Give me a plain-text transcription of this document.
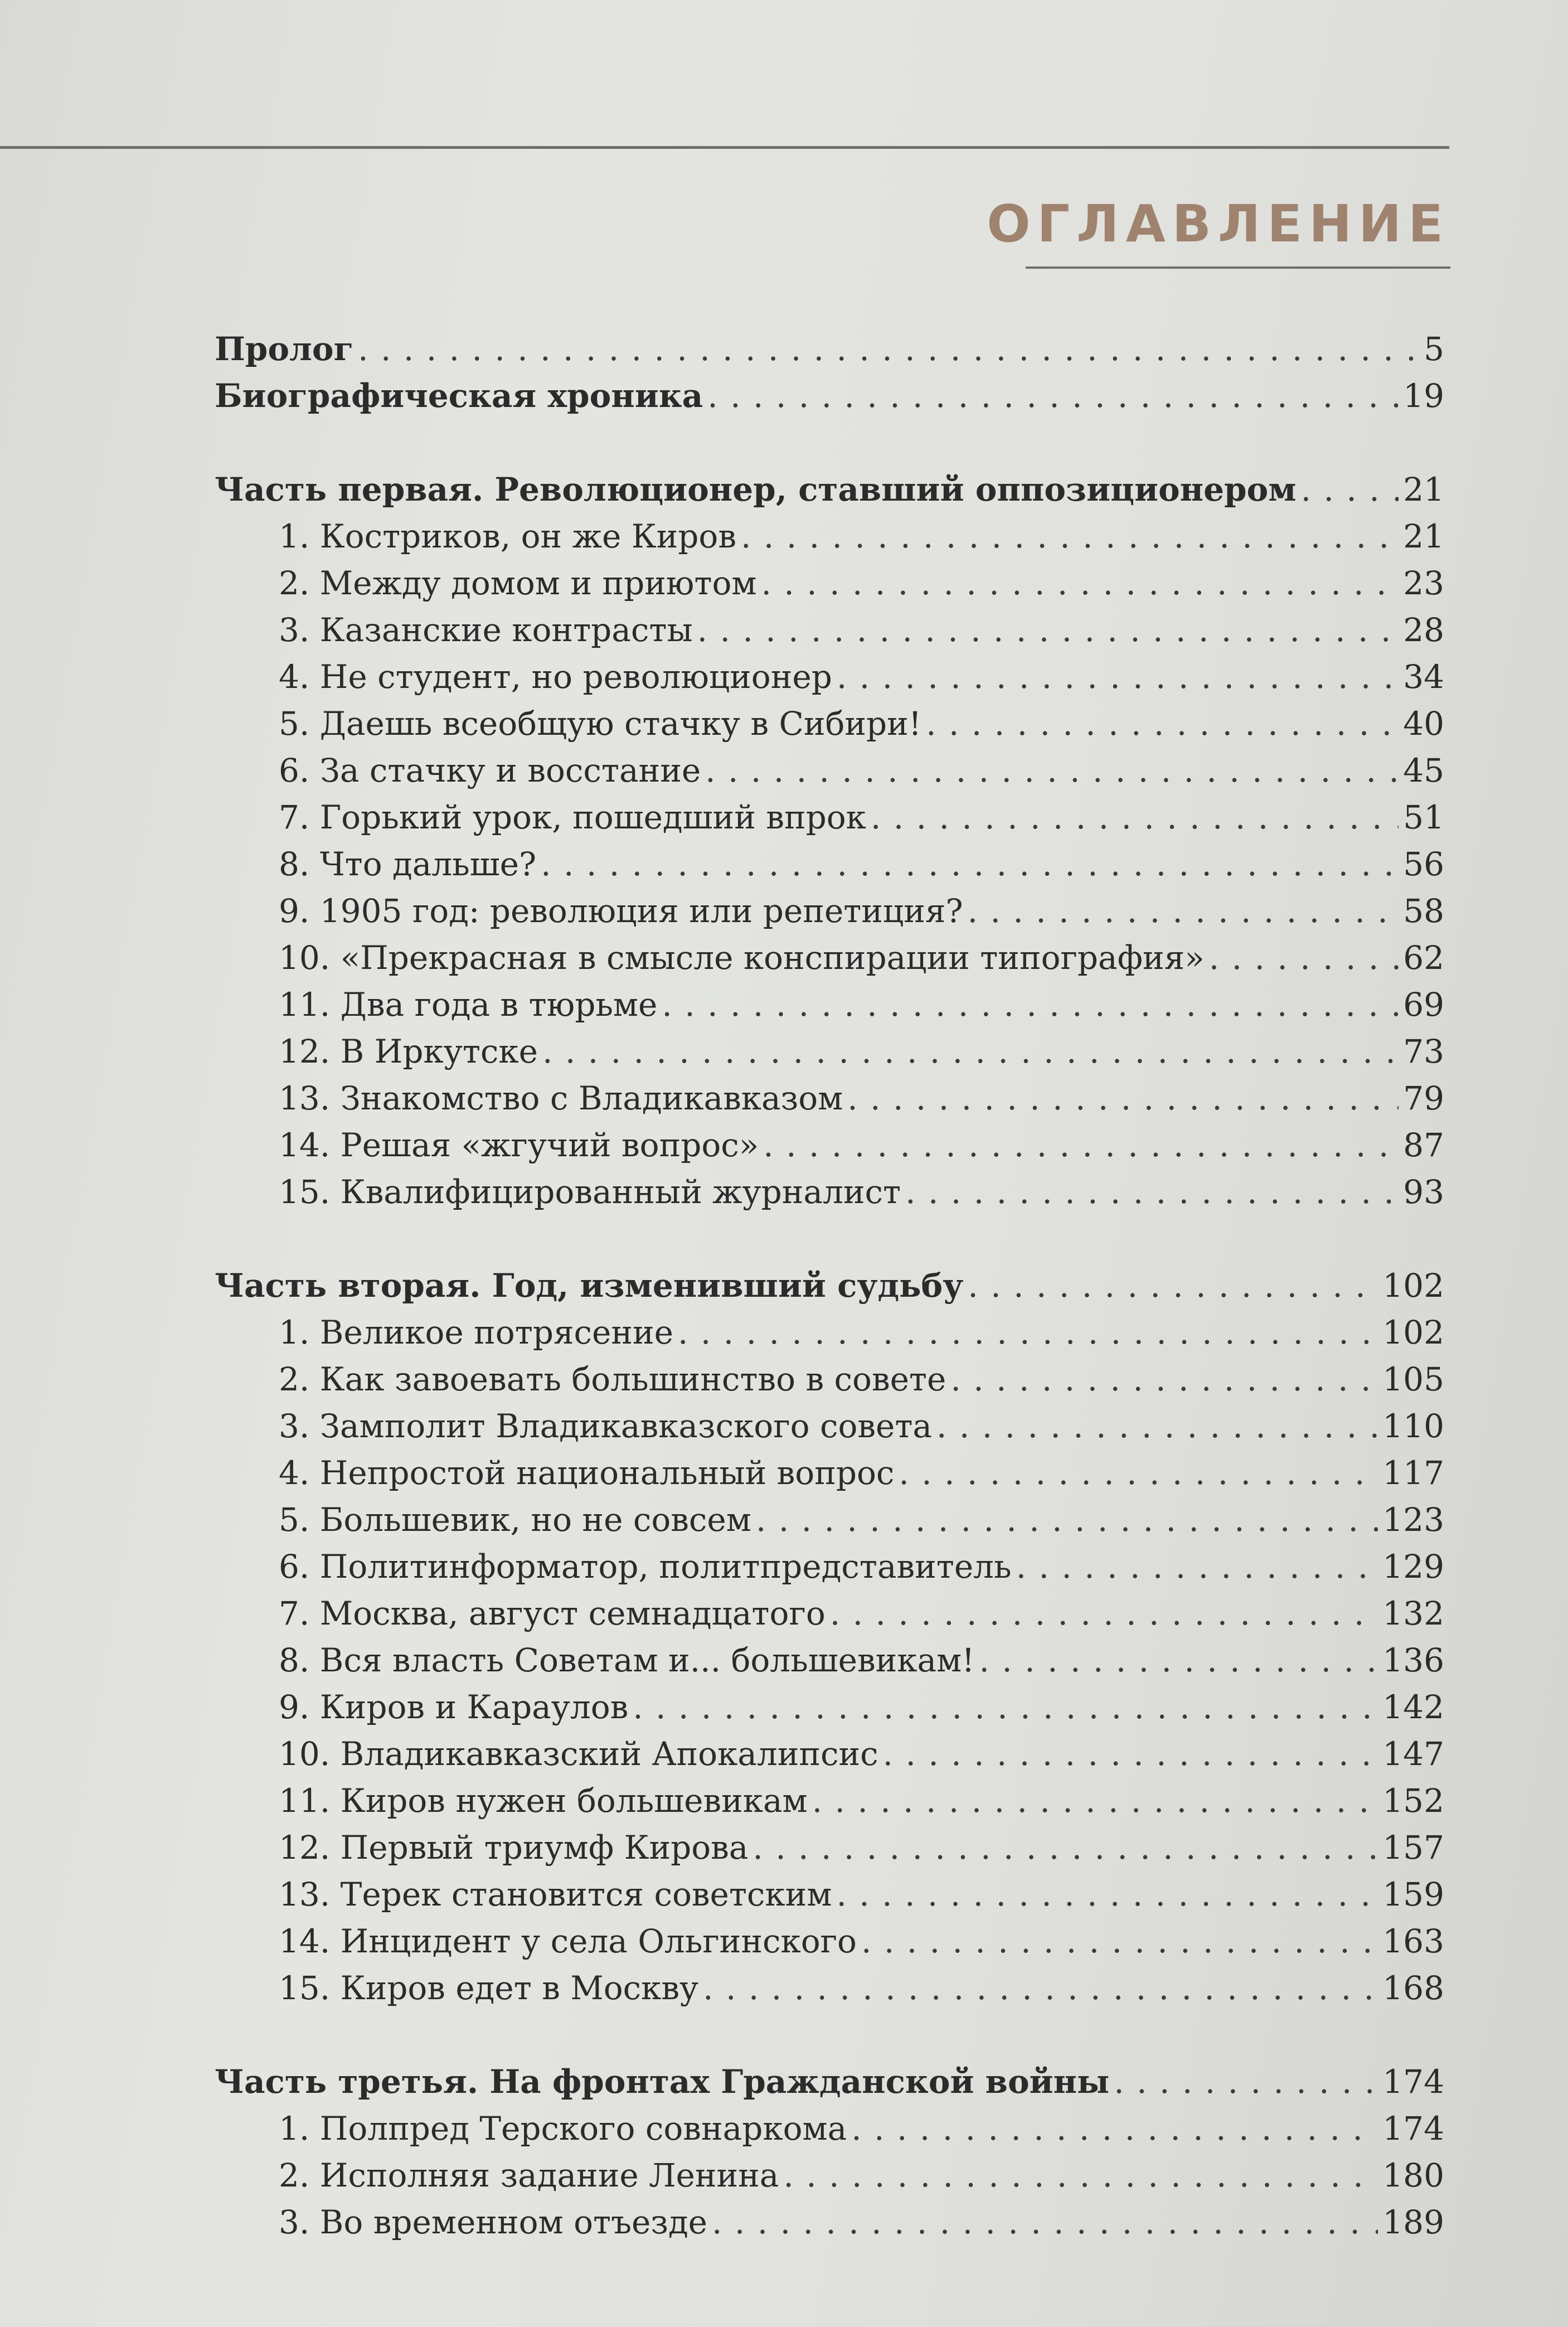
ОГЛАВЛЕНИЕ
Пролог . . .	5
Биографическая хроника . . .	19
Часть первая. Революционер, ставший оппозиционером . . .	21
1. Костриков, он же Киров . . .	21
2. Между домом и приютом . . .	23
3. Казанские контрасты . . .	28
4. Не студент, но революционер . . .	34
5. Даешь всеобщую стачку в Сибири! . . .	40
6. За стачку и восстание . . .	45
7. Горький урок, пошедший впрок . . .	51
8. Что дальше? . . .	56
9. 1905 год: революция или репетиция? . . .	58
10. «Прекрасная в смысле конспирации типография» . . .	62
11. Два года в тюрьме . . .	69
12. В Иркутске . . .	73
13. Знакомство с Владикавказом . . .	79
14. Решая «жгучий вопрос» . . .	87
15. Квалифицированный журналист . . .	93
Часть вторая. Год, изменивший судьбу . . .	102
1. Великое потрясение . . .	102
2. Как завоевать большинство в совете . . .	105
3. Замполит Владикавказского совета . . .	110
4. Непростой национальный вопрос . . .	117
5. Большевик, но не совсем . . .	123
6. Политинформатор, политпредставитель . . .	129
7. Москва, август семнадцатого . . .	132
8. Вся власть Советам и... большевикам! . . .	136
9. Киров и Караулов . . .	142
10. Владикавказский Апокалипсис . . .	147
11. Киров нужен большевикам . . .	152
12. Первый триумф Кирова . . .	157
13. Терек становится советским . . .	159
14. Инцидент у села Ольгинского . . .	163
15. Киров едет в Москву . . .	168
Часть третья. На фронтах Гражданской войны . . .	174
1. Полпред Терского совнаркома . . .	174
2. Исполняя задание Ленина . . .	180
3. Во временном отъезде . . .	189
